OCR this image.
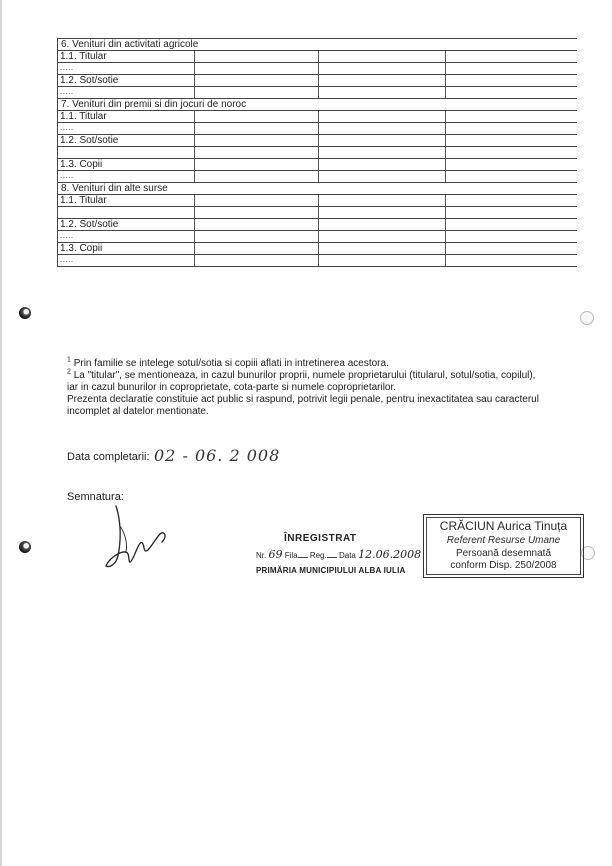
6. Venituri din activitati agricole
1.1. Titular
.....
1.2. Sot/sotie
.....
7. Venituri din premii si din jocuri de noroc
1.1. Titular
.....
1.2. Sot/sotie
1.3. Copii
.....
8. Venituri din alte surse
1.1. Titular
1.2. Sot/sotie
.....
1.3. Copii
.....

$^1$ Prin familie se intelege sotul/sotia si copiii aflati in intretinerea acestora.

$^2$ La "titular", se mentioneaza, in cazul bunurilor proprii, numele proprietarului (titularul, sotul/sotia, copilul), iar in cazul bunurilor in coproprietate, cota-parte si numele coproprietarilor.

Prezenta declaratie constituie act public si raspund, potrivit legii penale, pentru inexactitatea sau caracterul incomplet al datelor mentionate.

Data completarii: 02 - 06. 2 008
Semnatura:
ÎNREGISTRAT
Nr. 69 Fila Reg. Data 12.06.2008
PRIMĂRIA MUNICIPIULUI ALBA IULIA
CRĂCIUN Aurica Tinuța
Referent Resurse Umane
Persoană desemnată
conform Disp. 250/2008
